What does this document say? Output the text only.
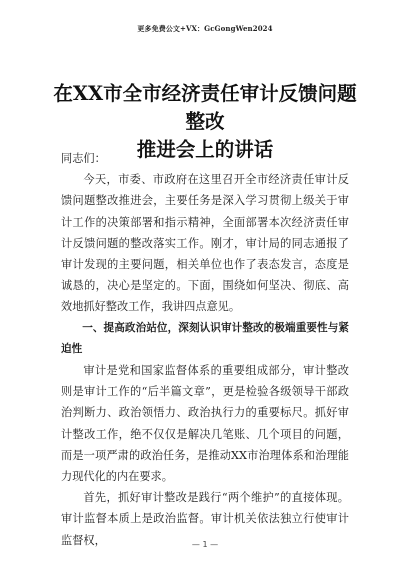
更多免费公文+VX：GcGongWen2024
在XX市全市经济责任审计反馈问题整改
推进会上的讲话

同志们：

今天，市委、市政府在这里召开全市经济责任审计反馈问题整改推进会，主要任务是深入学习贯彻上级关于审计工作的决策部署和指示精神，全面部署本次经济责任审计反馈问题的整改落实工作。刚才，审计局的同志通报了审计发现的主要问题，相关单位也作了表态发言，态度是诚恳的，决心是坚定的。下面，围绕如何坚决、彻底、高效地抓好整改工作，我讲四点意见。

一、提高政治站位，深刻认识审计整改的极端重要性与紧迫性

审计是党和国家监督体系的重要组成部分，审计整改则是审计工作的“后半篇文章”，更是检验各级领导干部政治判断力、政治领悟力、政治执行力的重要标尺。抓好审计整改工作，绝不仅仅是解决几笔账、几个项目的问题，而是一项严肃的政治任务，是推动XX市治理体系和治理能力现代化的内在要求。

首先，抓好审计整改是践行“两个维护”的直接体现。审计监督本质上是政治监督。审计机关依法独立行使审计监督权，	— 1 —
